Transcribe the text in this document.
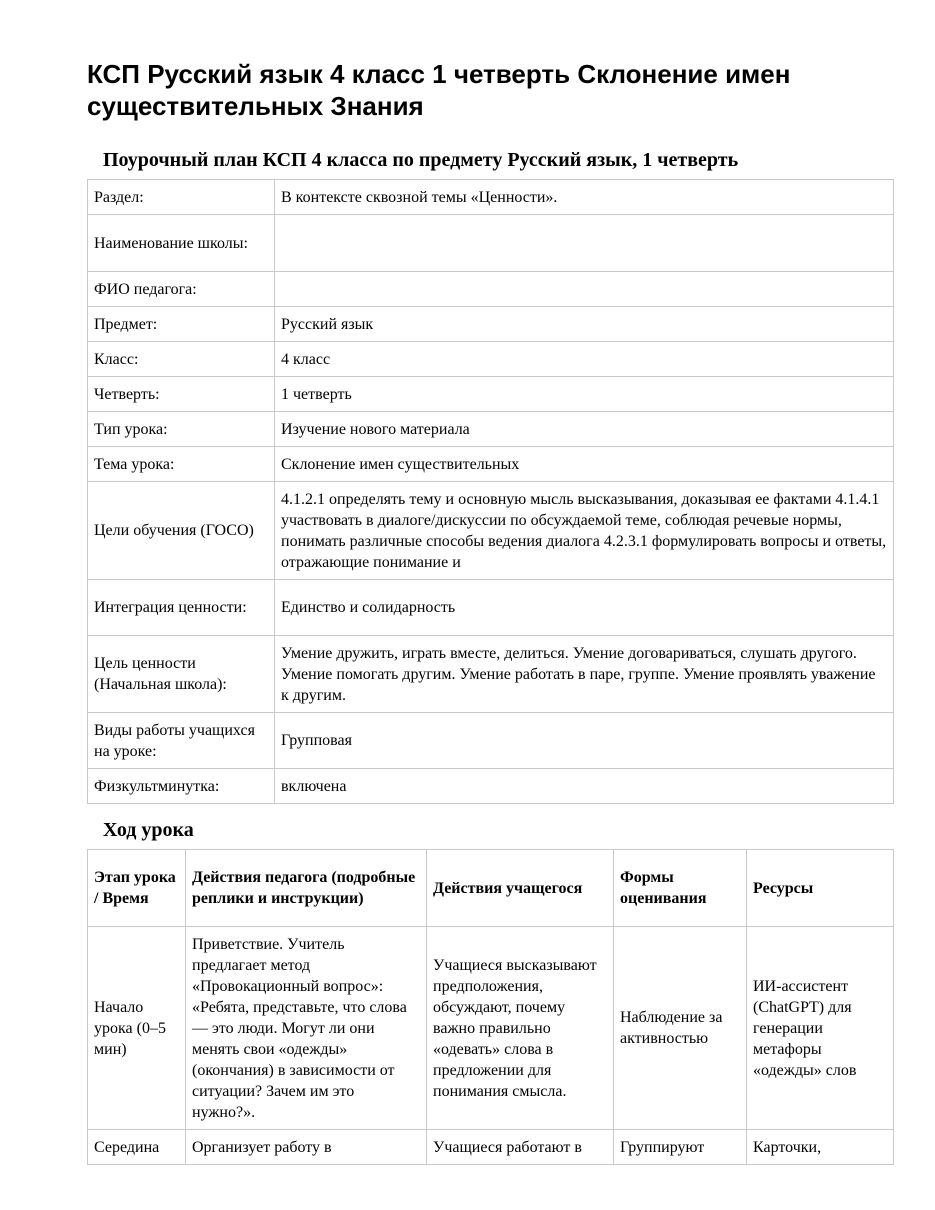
КСП Русский язык 4 класс 1 четверть Склонение имен существительных Знания
Поурочный план КСП 4 класса по предмету Русский язык, 1 четверть
Раздел:	В контексте сквозной темы «Ценности».
Наименование школы:	
ФИО педагога:	
Предмет:	Русский язык
Класс:	4 класс
Четверть:	1 четверть
Тип урока:	Изучение нового материала
Тема урока:	Склонение имен существительных
Цели обучения (ГОСО)	4.1.2.1 определять тему и основную мысль высказывания, доказывая ее фактами 4.1.4.1 участвовать в диалоге/дискуссии по обсуждаемой теме, соблюдая речевые нормы, понимать различные способы ведения диалога 4.2.3.1 формулировать вопросы и ответы, отражающие понимание и
Интеграция ценности:	Единство и солидарность
Цель ценности (Начальная школа):	Умение дружить, играть вместе, делиться. Умение договариваться, слушать другого. Умение помогать другим. Умение работать в паре, группе. Умение проявлять уважение к другим.
Виды работы учащихся на уроке:	Групповая
Физкультминутка:	включена
Ход урока
Этап урока / Время	Действия педагога (подробные реплики и инструкции)	Действия учащегося	Формы оценивания	Ресурсы
Начало урока (0–5 мин)	Приветствие. Учитель предлагает метод «Провокационный вопрос»: «Ребята, представьте, что слова — это люди. Могут ли они менять свои «одежды» (окончания) в зависимости от ситуации? Зачем им это нужно?».	Учащиеся высказывают предположения, обсуждают, почему важно правильно «одевать» слова в предложении для понимания смысла.	Наблюдение за активностью	ИИ-ассистент (ChatGPT) для генерации метафоры «одежды» слов
Середина	Организует работу в	Учащиеся работают в	Группируют	Карточки,
